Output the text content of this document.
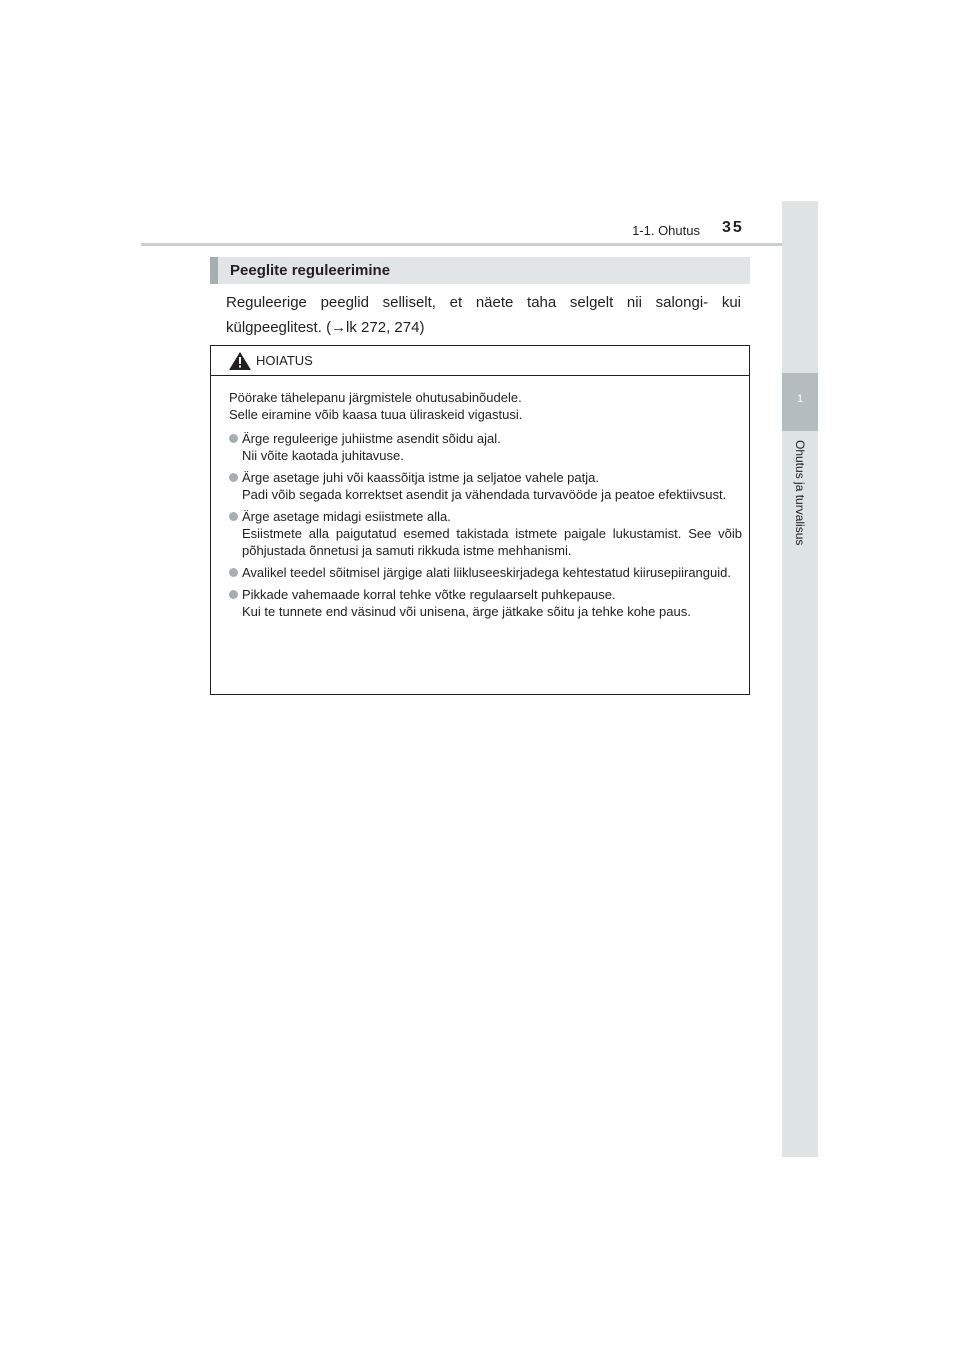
1-1. Ohutus 35
1
Ohutus ja turvalisus
Peeglite reguleerimine

Reguleerige peeglid selliselt, et näete taha selgelt nii salongi- kui külgpeeglitest. (→lk 272, 274)

HOIATUS

Pöörake tähelepanu järgmistele ohutusabinõudele.
Selle eiramine võib kaasa tuua üliraskeid vigastusi.

Ärge reguleerige juhiistme asendit sõidu ajal.
Nii võite kaotada juhitavuse.
Ärge asetage juhi või kaassõitja istme ja seljatoe vahele patja.
Padi võib segada korrektset asendit ja vähendada turvavööde ja peatoe efektiivsust.
Ärge asetage midagi esiistmete alla.
Esiistmete alla paigutatud esemed takistada istmete paigale lukustamist. See võib põhjustada õnnetusi ja samuti rikkuda istme mehhanismi.
Avalikel teedel sõitmisel järgige alati liikluseeskirjadega kehtestatud kiirusepiiranguid.
Pikkade vahemaade korral tehke võtke regulaarselt puhkepause.
Kui te tunnete end väsinud või unisena, ärge jätkake sõitu ja tehke kohe paus.
